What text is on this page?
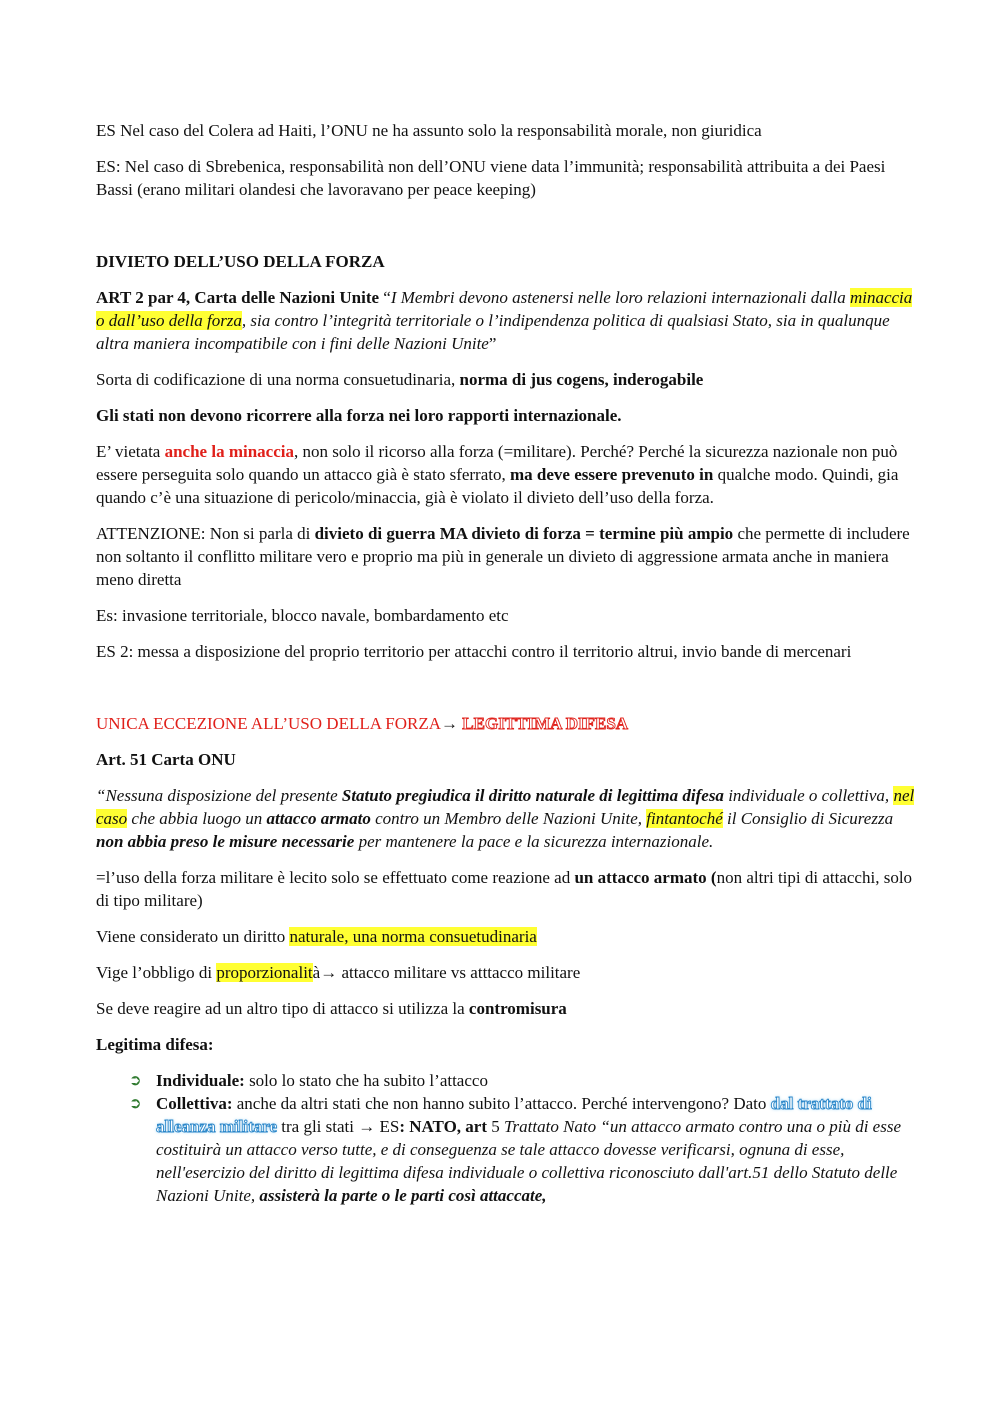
ES Nel caso del Colera ad Haiti, l’ONU ne ha assunto solo la responsabilità morale, non giuridica

ES: Nel caso di Sbrebenica, responsabilità non dell’ONU viene data l’immunità; responsabilità attribuita a dei Paesi Bassi (erano militari olandesi che lavoravano per peace keeping)

DIVIETO DELL’USO DELLA FORZA

ART 2 par 4, Carta delle Nazioni Unite “I Membri devono astenersi nelle loro relazioni internazionali dalla minaccia o dall’uso della forza, sia contro l’integrità territoriale o l’indipendenza politica di qualsiasi Stato, sia in qualunque altra maniera incompatibile con i fini delle Nazioni Unite”

Sorta di codificazione di una norma consuetudinaria, norma di jus cogens, inderogabile

Gli stati non devono ricorrere alla forza nei loro rapporti internazionale.

E’ vietata anche la minaccia, non solo il ricorso alla forza (=militare). Perché? Perché la sicurezza nazionale non può essere perseguita solo quando un attacco già è stato sferrato, ma deve essere prevenuto in qualche modo. Quindi, gia quando c’è una situazione di pericolo/minaccia, già è violato il divieto dell’uso della forza.

ATTENZIONE: Non si parla di divieto di guerra MA divieto di forza = termine più ampio che permette di includere non soltanto il conflitto militare vero e proprio ma più in generale un divieto di aggressione armata anche in maniera meno diretta

Es: invasione territoriale, blocco navale, bombardamento etc

ES 2: messa a disposizione del proprio territorio per attacchi contro il territorio altrui, invio bande di mercenari

UNICA ECCEZIONE ALL’USO DELLA FORZA→ LEGITTIMA DIFESA

Art. 51 Carta ONU

“Nessuna disposizione del presente Statuto pregiudica il diritto naturale di legittima difesa individuale o collettiva, nel caso che abbia luogo un attacco armato contro un Membro delle Nazioni Unite, fintantoché il Consiglio di Sicurezza non abbia preso le misure necessarie per mantenere la pace e la sicurezza internazionale.

=l’uso della forza militare è lecito solo se effettuato come reazione ad un attacco armato (non altri tipi di attacchi, solo di tipo militare)

Viene considerato un diritto naturale, una norma consuetudinaria

Vige l’obbligo di proporzionalità→ attacco militare vs atttacco militare

Se deve reagire ad un altro tipo di attacco si utilizza la contromisura

Legitima difesa:

➲ Individuale: solo lo stato che ha subito l’attacco
➲ Collettiva: anche da altri stati che non hanno subito l’attacco. Perché intervengono? Dato dal trattato di alleanza militare tra gli stati → ES: NATO, art 5 Trattato Nato “un attacco armato contro una o più di esse costituirà un attacco verso tutte, e di conseguenza se tale attacco dovesse verificarsi, ognuna di esse, nell'esercizio del diritto di legittima difesa individuale o collettiva riconosciuto dall'art.51 dello Statuto delle Nazioni Unite, assisterà la parte o le parti così attaccate,
